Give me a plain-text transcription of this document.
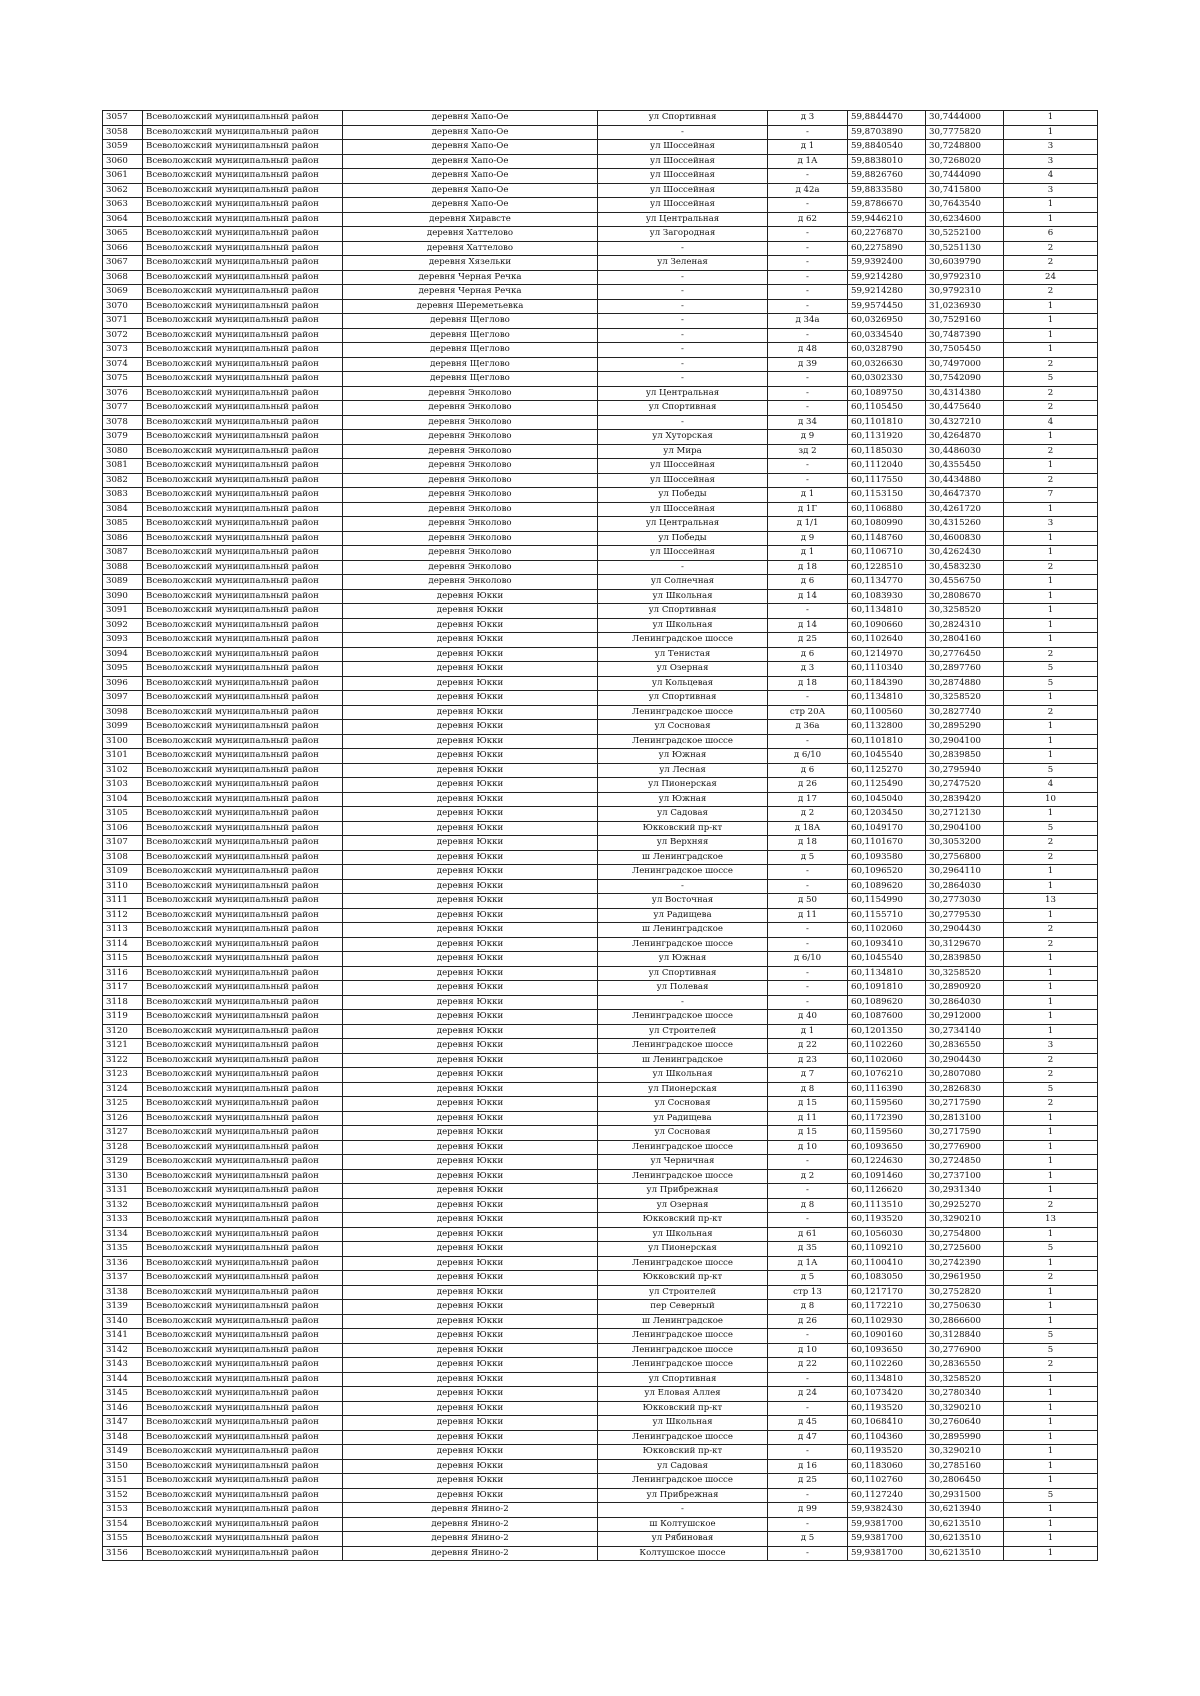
3057	Всеволожский муниципальный район	деревня Хапо-Ое	ул Спортивная	д 3	59,8844470	30,7444000	1
3058	Всеволожский муниципальный район	деревня Хапо-Ое	-	-	59,8703890	30,7775820	1
3059	Всеволожский муниципальный район	деревня Хапо-Ое	ул Шоссейная	д 1	59,8840540	30,7248800	3
3060	Всеволожский муниципальный район	деревня Хапо-Ое	ул Шоссейная	д 1А	59,8838010	30,7268020	3
3061	Всеволожский муниципальный район	деревня Хапо-Ое	ул Шоссейная	-	59,8826760	30,7444090	4
3062	Всеволожский муниципальный район	деревня Хапо-Ое	ул Шоссейная	д 42а	59,8833580	30,7415800	3
3063	Всеволожский муниципальный район	деревня Хапо-Ое	ул Шоссейная	-	59,8786670	30,7643540	1
3064	Всеволожский муниципальный район	деревня Хиравсте	ул Центральная	д 62	59,9446210	30,6234600	1
3065	Всеволожский муниципальный район	деревня Хаттелово	ул Загородная	-	60,2276870	30,5252100	6
3066	Всеволожский муниципальный район	деревня Хаттелово	-	-	60,2275890	30,5251130	2
3067	Всеволожский муниципальный район	деревня Хязельки	ул Зеленая	-	59,9392400	30,6039790	2
3068	Всеволожский муниципальный район	деревня Черная Речка	-	-	59,9214280	30,9792310	24
3069	Всеволожский муниципальный район	деревня Черная Речка	-	-	59,9214280	30,9792310	2
3070	Всеволожский муниципальный район	деревня Шереметьевка	-	-	59,9574450	31,0236930	1
3071	Всеволожский муниципальный район	деревня Щеглово	-	д 34а	60,0326950	30,7529160	1
3072	Всеволожский муниципальный район	деревня Щеглово	-	-	60,0334540	30,7487390	1
3073	Всеволожский муниципальный район	деревня Щеглово	-	д 48	60,0328790	30,7505450	1
3074	Всеволожский муниципальный район	деревня Щеглово	-	д 39	60,0326630	30,7497000	2
3075	Всеволожский муниципальный район	деревня Щеглово	-	-	60,0302330	30,7542090	5
3076	Всеволожский муниципальный район	деревня Энколово	ул Центральная	-	60,1089750	30,4314380	2
3077	Всеволожский муниципальный район	деревня Энколово	ул Спортивная	-	60,1105450	30,4475640	2
3078	Всеволожский муниципальный район	деревня Энколово	-	д 34	60,1101810	30,4327210	4
3079	Всеволожский муниципальный район	деревня Энколово	ул Хуторская	д 9	60,1131920	30,4264870	1
3080	Всеволожский муниципальный район	деревня Энколово	ул Мира	зд 2	60,1185030	30,4486030	2
3081	Всеволожский муниципальный район	деревня Энколово	ул Шоссейная	-	60,1112040	30,4355450	1
3082	Всеволожский муниципальный район	деревня Энколово	ул Шоссейная	-	60,1117550	30,4434880	2
3083	Всеволожский муниципальный район	деревня Энколово	ул Победы	д 1	60,1153150	30,4647370	7
3084	Всеволожский муниципальный район	деревня Энколово	ул Шоссейная	д 1Г	60,1106880	30,4261720	1
3085	Всеволожский муниципальный район	деревня Энколово	ул Центральная	д 1/1	60,1080990	30,4315260	3
3086	Всеволожский муниципальный район	деревня Энколово	ул Победы	д 9	60,1148760	30,4600830	1
3087	Всеволожский муниципальный район	деревня Энколово	ул Шоссейная	д 1	60,1106710	30,4262430	1
3088	Всеволожский муниципальный район	деревня Энколово	-	д 18	60,1228510	30,4583230	2
3089	Всеволожский муниципальный район	деревня Энколово	ул Солнечная	д 6	60,1134770	30,4556750	1
3090	Всеволожский муниципальный район	деревня Юкки	ул Школьная	д 14	60,1083930	30,2808670	1
3091	Всеволожский муниципальный район	деревня Юкки	ул Спортивная	-	60,1134810	30,3258520	1
3092	Всеволожский муниципальный район	деревня Юкки	ул Школьная	д 14	60,1090660	30,2824310	1
3093	Всеволожский муниципальный район	деревня Юкки	Ленинградское шоссе	д 25	60,1102640	30,2804160	1
3094	Всеволожский муниципальный район	деревня Юкки	ул Тенистая	д 6	60,1214970	30,2776450	2
3095	Всеволожский муниципальный район	деревня Юкки	ул Озерная	д 3	60,1110340	30,2897760	5
3096	Всеволожский муниципальный район	деревня Юкки	ул Кольцевая	д 18	60,1184390	30,2874880	5
3097	Всеволожский муниципальный район	деревня Юкки	ул Спортивная	-	60,1134810	30,3258520	1
3098	Всеволожский муниципальный район	деревня Юкки	Ленинградское шоссе	стр 20А	60,1100560	30,2827740	2
3099	Всеволожский муниципальный район	деревня Юкки	ул Сосновая	д 36а	60,1132800	30,2895290	1
3100	Всеволожский муниципальный район	деревня Юкки	Ленинградское шоссе	-	60,1101810	30,2904100	1
3101	Всеволожский муниципальный район	деревня Юкки	ул Южная	д 6/10	60,1045540	30,2839850	1
3102	Всеволожский муниципальный район	деревня Юкки	ул Лесная	д 6	60,1125270	30,2795940	5
3103	Всеволожский муниципальный район	деревня Юкки	ул Пионерская	д 26	60,1125490	30,2747520	4
3104	Всеволожский муниципальный район	деревня Юкки	ул Южная	д 17	60,1045040	30,2839420	10
3105	Всеволожский муниципальный район	деревня Юкки	ул Садовая	д 2	60,1203450	30,2712130	1
3106	Всеволожский муниципальный район	деревня Юкки	Юкковский пр-кт	д 18А	60,1049170	30,2904100	5
3107	Всеволожский муниципальный район	деревня Юкки	ул Верхняя	д 18	60,1101670	30,3053200	2
3108	Всеволожский муниципальный район	деревня Юкки	ш Ленинградское	д 5	60,1093580	30,2756800	2
3109	Всеволожский муниципальный район	деревня Юкки	Ленинградское шоссе	-	60,1096520	30,2964110	1
3110	Всеволожский муниципальный район	деревня Юкки	-	-	60,1089620	30,2864030	1
3111	Всеволожский муниципальный район	деревня Юкки	ул Восточная	д 50	60,1154990	30,2773030	13
3112	Всеволожский муниципальный район	деревня Юкки	ул Радищева	д 11	60,1155710	30,2779530	1
3113	Всеволожский муниципальный район	деревня Юкки	ш Ленинградское	-	60,1102060	30,2904430	2
3114	Всеволожский муниципальный район	деревня Юкки	Ленинградское шоссе	-	60,1093410	30,3129670	2
3115	Всеволожский муниципальный район	деревня Юкки	ул Южная	д 6/10	60,1045540	30,2839850	1
3116	Всеволожский муниципальный район	деревня Юкки	ул Спортивная	-	60,1134810	30,3258520	1
3117	Всеволожский муниципальный район	деревня Юкки	ул Полевая	-	60,1091810	30,2890920	1
3118	Всеволожский муниципальный район	деревня Юкки	-	-	60,1089620	30,2864030	1
3119	Всеволожский муниципальный район	деревня Юкки	Ленинградское шоссе	д 40	60,1087600	30,2912000	1
3120	Всеволожский муниципальный район	деревня Юкки	ул Строителей	д 1	60,1201350	30,2734140	1
3121	Всеволожский муниципальный район	деревня Юкки	Ленинградское шоссе	д 22	60,1102260	30,2836550	3
3122	Всеволожский муниципальный район	деревня Юкки	ш Ленинградское	д 23	60,1102060	30,2904430	2
3123	Всеволожский муниципальный район	деревня Юкки	ул Школьная	д 7	60,1076210	30,2807080	2
3124	Всеволожский муниципальный район	деревня Юкки	ул Пионерская	д 8	60,1116390	30,2826830	5
3125	Всеволожский муниципальный район	деревня Юкки	ул Сосновая	д 15	60,1159560	30,2717590	2
3126	Всеволожский муниципальный район	деревня Юкки	ул Радищева	д 11	60,1172390	30,2813100	1
3127	Всеволожский муниципальный район	деревня Юкки	ул Сосновая	д 15	60,1159560	30,2717590	1
3128	Всеволожский муниципальный район	деревня Юкки	Ленинградское шоссе	д 10	60,1093650	30,2776900	1
3129	Всеволожский муниципальный район	деревня Юкки	ул Черничная	-	60,1224630	30,2724850	1
3130	Всеволожский муниципальный район	деревня Юкки	Ленинградское шоссе	д 2	60,1091460	30,2737100	1
3131	Всеволожский муниципальный район	деревня Юкки	ул Прибрежная	-	60,1126620	30,2931340	1
3132	Всеволожский муниципальный район	деревня Юкки	ул Озерная	д 8	60,1113510	30,2925270	2
3133	Всеволожский муниципальный район	деревня Юкки	Юкковский пр-кт	-	60,1193520	30,3290210	13
3134	Всеволожский муниципальный район	деревня Юкки	ул Школьная	д 61	60,1056030	30,2754800	1
3135	Всеволожский муниципальный район	деревня Юкки	ул Пионерская	д 35	60,1109210	30,2725600	5
3136	Всеволожский муниципальный район	деревня Юкки	Ленинградское шоссе	д 1А	60,1100410	30,2742390	1
3137	Всеволожский муниципальный район	деревня Юкки	Юкковский пр-кт	д 5	60,1083050	30,2961950	2
3138	Всеволожский муниципальный район	деревня Юкки	ул Строителей	стр 13	60,1217170	30,2752820	1
3139	Всеволожский муниципальный район	деревня Юкки	пер Северный	д 8	60,1172210	30,2750630	1
3140	Всеволожский муниципальный район	деревня Юкки	ш Ленинградское	д 26	60,1102930	30,2866600	1
3141	Всеволожский муниципальный район	деревня Юкки	Ленинградское шоссе	-	60,1090160	30,3128840	5
3142	Всеволожский муниципальный район	деревня Юкки	Ленинградское шоссе	д 10	60,1093650	30,2776900	5
3143	Всеволожский муниципальный район	деревня Юкки	Ленинградское шоссе	д 22	60,1102260	30,2836550	2
3144	Всеволожский муниципальный район	деревня Юкки	ул Спортивная	-	60,1134810	30,3258520	1
3145	Всеволожский муниципальный район	деревня Юкки	ул Еловая Аллея	д 24	60,1073420	30,2780340	1
3146	Всеволожский муниципальный район	деревня Юкки	Юкковский пр-кт	-	60,1193520	30,3290210	1
3147	Всеволожский муниципальный район	деревня Юкки	ул Школьная	д 45	60,1068410	30,2760640	1
3148	Всеволожский муниципальный район	деревня Юкки	Ленинградское шоссе	д 47	60,1104360	30,2895990	1
3149	Всеволожский муниципальный район	деревня Юкки	Юкковский пр-кт	-	60,1193520	30,3290210	1
3150	Всеволожский муниципальный район	деревня Юкки	ул Садовая	д 16	60,1183060	30,2785160	1
3151	Всеволожский муниципальный район	деревня Юкки	Ленинградское шоссе	д 25	60,1102760	30,2806450	1
3152	Всеволожский муниципальный район	деревня Юкки	ул Прибрежная	-	60,1127240	30,2931500	5
3153	Всеволожский муниципальный район	деревня Янино-2	-	д 99	59,9382430	30,6213940	1
3154	Всеволожский муниципальный район	деревня Янино-2	ш Колтушское	-	59,9381700	30,6213510	1
3155	Всеволожский муниципальный район	деревня Янино-2	ул Рябиновая	д 5	59,9381700	30,6213510	1
3156	Всеволожский муниципальный район	деревня Янино-2	Колтушское шоссе	-	59,9381700	30,6213510	1
